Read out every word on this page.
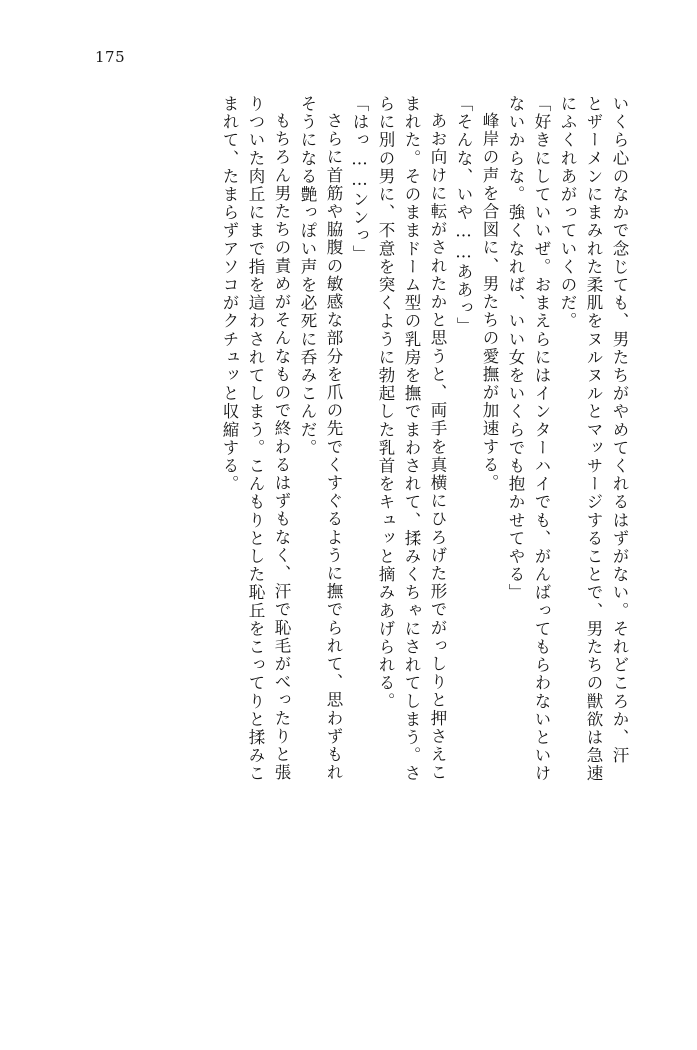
175
いくら心のなかで念じても、男たちがやめてくれるはずがない。それどころか、汗
とザーメンにまみれた柔肌をヌルヌルとマッサージすることで、男たちの獣欲は急速
にふくれあがっていくのだ。
「好きにしていいぜ。おまえらにはインターハイでも、がんばってもらわないといけ
ないからな。強くなれば、いい女をいくらでも抱かせてやる」
峰岸の声を合図に、男たちの愛撫が加速する。
「そんな、いや……ああっ」
あお向けに転がされたかと思うと、両手を真横にひろげた形でがっしりと押さえこ
まれた。そのままドーム型の乳房を撫でまわされて、揉みくちゃにされてしまう。さ
らに別の男に、不意を突くように勃起した乳首をキュッと摘みあげられる。
「はっ……ンンっ」
さらに首筋や脇腹の敏感な部分を爪の先でくすぐるように撫でられて、思わずもれ
そうになる艶っぽい声を必死に呑みこんだ。
もちろん男たちの責めがそんなもので終わるはずもなく、汗で恥毛がべったりと張
りついた肉丘にまで指を這わされてしまう。こんもりとした恥丘をこってりと揉みこ
まれて、たまらずアソコがクチュッと収縮する。
